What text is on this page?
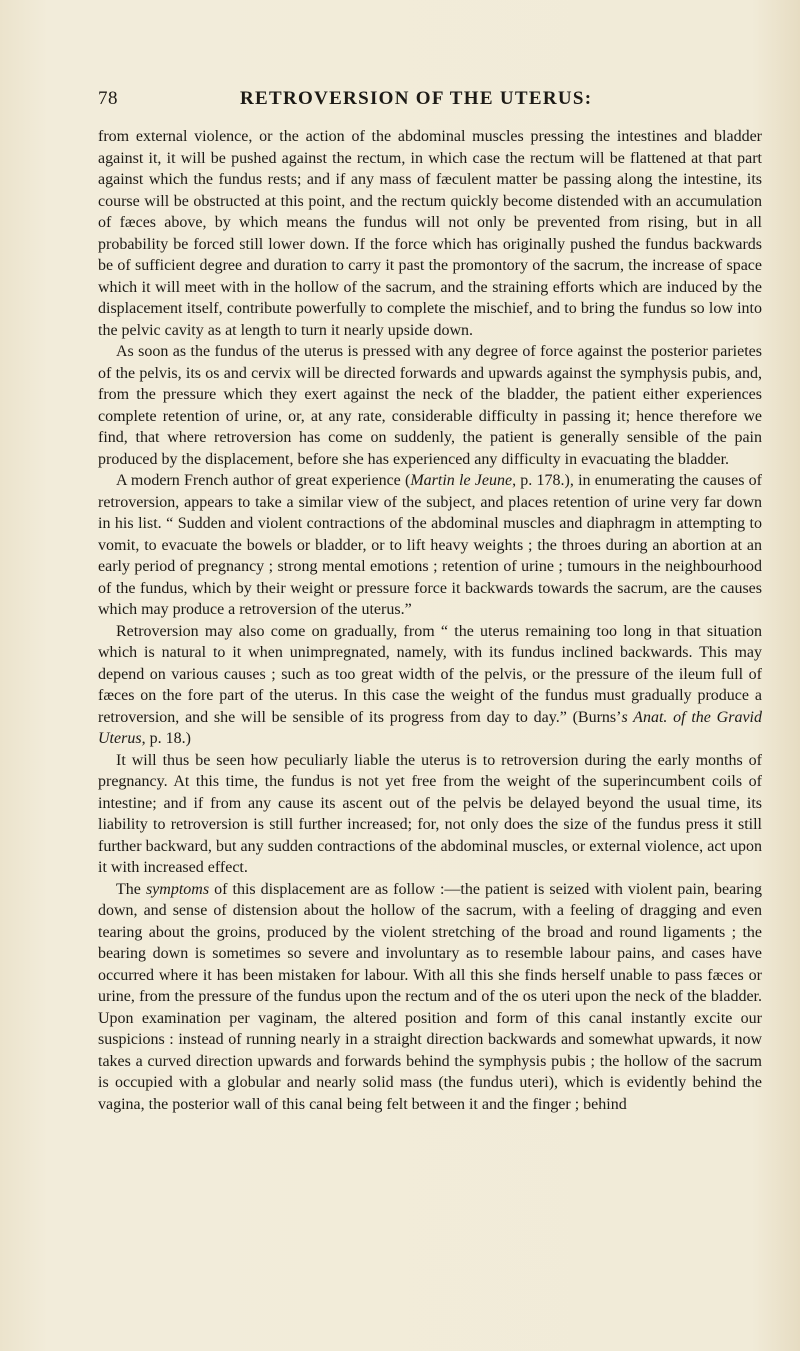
78	RETROVERSION OF THE UTERUS:

from external violence, or the action of the abdominal muscles pressing the intestines and bladder against it, it will be pushed against the rectum, in which case the rectum will be flattened at that part against which the fundus rests; and if any mass of fæculent matter be passing along the intestine, its course will be obstructed at this point, and the rectum quickly become distended with an accumulation of fæces above, by which means the fundus will not only be prevented from rising, but in all probability be forced still lower down. If the force which has originally pushed the fundus backwards be of sufficient degree and duration to carry it past the promontory of the sacrum, the increase of space which it will meet with in the hollow of the sacrum, and the straining efforts which are induced by the displacement itself, contribute powerfully to complete the mischief, and to bring the fundus so low into the pelvic cavity as at length to turn it nearly upside down.

As soon as the fundus of the uterus is pressed with any degree of force against the posterior parietes of the pelvis, its os and cervix will be directed forwards and upwards against the symphysis pubis, and, from the pressure which they exert against the neck of the bladder, the patient either experiences complete retention of urine, or, at any rate, considerable difficulty in passing it; hence therefore we find, that where retroversion has come on suddenly, the patient is generally sensible of the pain produced by the displacement, before she has experienced any difficulty in evacuating the bladder.

A modern French author of great experience (Martin le Jeune, p. 178.), in enumerating the causes of retroversion, appears to take a similar view of the subject, and places retention of urine very far down in his list. “ Sudden and violent contractions of the abdominal muscles and diaphragm in attempting to vomit, to evacuate the bowels or bladder, or to lift heavy weights ; the throes during an abortion at an early period of pregnancy ; strong mental emotions ; retention of urine ; tumours in the neighbourhood of the fundus, which by their weight or pressure force it backwards towards the sacrum, are the causes which may produce a retroversion of the uterus.”

Retroversion may also come on gradually, from “ the uterus remaining too long in that situation which is natural to it when unimpregnated, namely, with its fundus inclined backwards. This may depend on various causes ; such as too great width of the pelvis, or the pressure of the ileum full of fæces on the fore part of the uterus. In this case the weight of the fundus must gradually produce a retroversion, and she will be sensible of its progress from day to day.” (Burns’s Anat. of the Gravid Uterus, p. 18.)

It will thus be seen how peculiarly liable the uterus is to retroversion during the early months of pregnancy. At this time, the fundus is not yet free from the weight of the superincumbent coils of intestine; and if from any cause its ascent out of the pelvis be delayed beyond the usual time, its liability to retroversion is still further increased; for, not only does the size of the fundus press it still further backward, but any sudden contractions of the abdominal muscles, or external violence, act upon it with increased effect.

The symptoms of this displacement are as follow :—the patient is seized with violent pain, bearing down, and sense of distension about the hollow of the sacrum, with a feeling of dragging and even tearing about the groins, produced by the violent stretching of the broad and round ligaments ; the bearing down is sometimes so severe and involuntary as to resemble labour pains, and cases have occurred where it has been mistaken for labour. With all this she finds herself unable to pass fæces or urine, from the pressure of the fundus upon the rectum and of the os uteri upon the neck of the bladder. Upon examination per vaginam, the altered position and form of this canal instantly excite our suspicions : instead of running nearly in a straight direction backwards and somewhat upwards, it now takes a curved direction upwards and forwards behind the symphysis pubis ; the hollow of the sacrum is occupied with a globular and nearly solid mass (the fundus uteri), which is evidently behind the vagina, the posterior wall of this canal being felt between it and the finger ; behind
